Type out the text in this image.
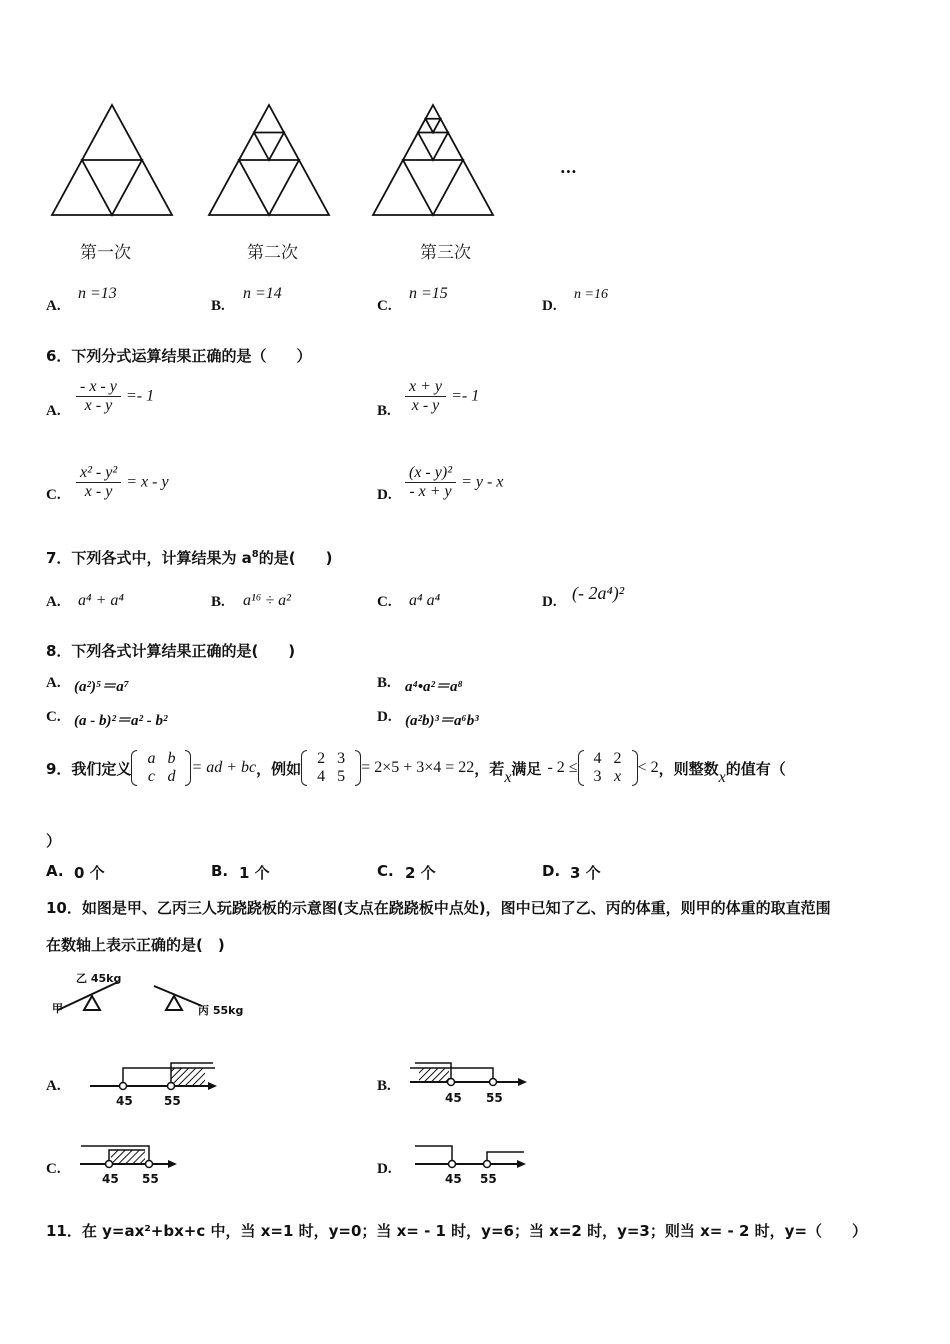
...
第一次	第二次	第三次
A.
n =13
B.
n =14
C.
n =15
D.
n =16
6．下列分式运算结果正确的是（　　）
A. $\frac{- x - y}{x - y} =- 1$
B. $\frac{x + y}{x - y} =- 1$
C. $\frac{\text{x² - y²}}{x - y} = x - y$
D. $\frac{\text{(x - y)²}}{- x + y} = y - x$
7．下列各式中，计算结果为 $a^8$的是(　　)
A. a⁴ + a⁴	B. a¹⁶ ÷ a²	C. a⁴ a⁴	D. (- 2a⁴)²
8．下列各式计算结果正确的是(　　)
A. (a²)⁵＝a⁷	B. a⁴•a²＝a⁸
C. (a - b)²＝a² - b²	D. (a²b)³＝a⁶b³
9．我们定义
a	b
c	d
= ad + bc ，例如
2	3
4	5
= 2×5 + 3×4 = 22 ，若 x 满足 - 2 ≤
4	2
3	x
< 2 ，则整数 x 的值有（
）
A. 0 个	B. 1 个	C. 2 个	D. 3 个
10．如图是甲、乙丙三人玩跷跷板的示意图(支点在跷跷板中点处)，图中已知了乙、丙的体重，则甲的体重的取直范围
在数轴上表示正确的是(　)
乙 45kg
甲	丙 55kg
A.
45	55
B.
45 55
C.
45 55
D.
45 55
11．在 y=ax²+bx+c 中，当 x=1 时，y=0；当 x= - 1 时，y=6；当 x=2 时，y=3；则当 x= - 2 时，y=（　　）
